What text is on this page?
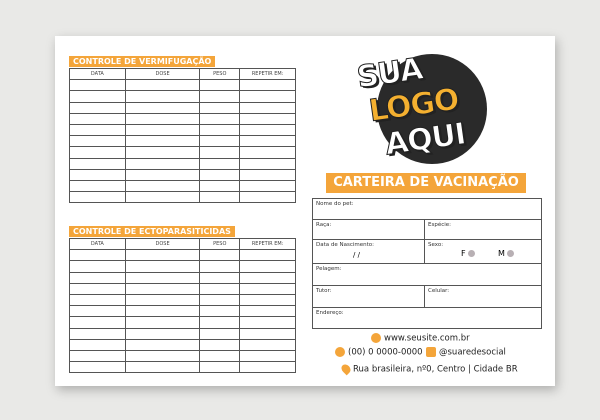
CONTROLE DE VERMIFUGAÇÃO
DATA	DOSE	PESO	REPETIR EM:

CONTROLE DE ECTOPARASITICIDAS
DATA	DOSE	PESO	REPETIR EM:

SUA
LOGO
AQUI
CARTEIRA DE VACINAÇÃO
Nome do pet:
Raça:	Espécie:
Data de Nascimento:
/ /
Sexo:
F	M
Pelagem:
Tutor:	Celular:
Endereço:
www.seusite.com.br
(00) 0 0000-0000	@suaredesocial
Rua brasileira, nº0, Centro | Cidade BR
